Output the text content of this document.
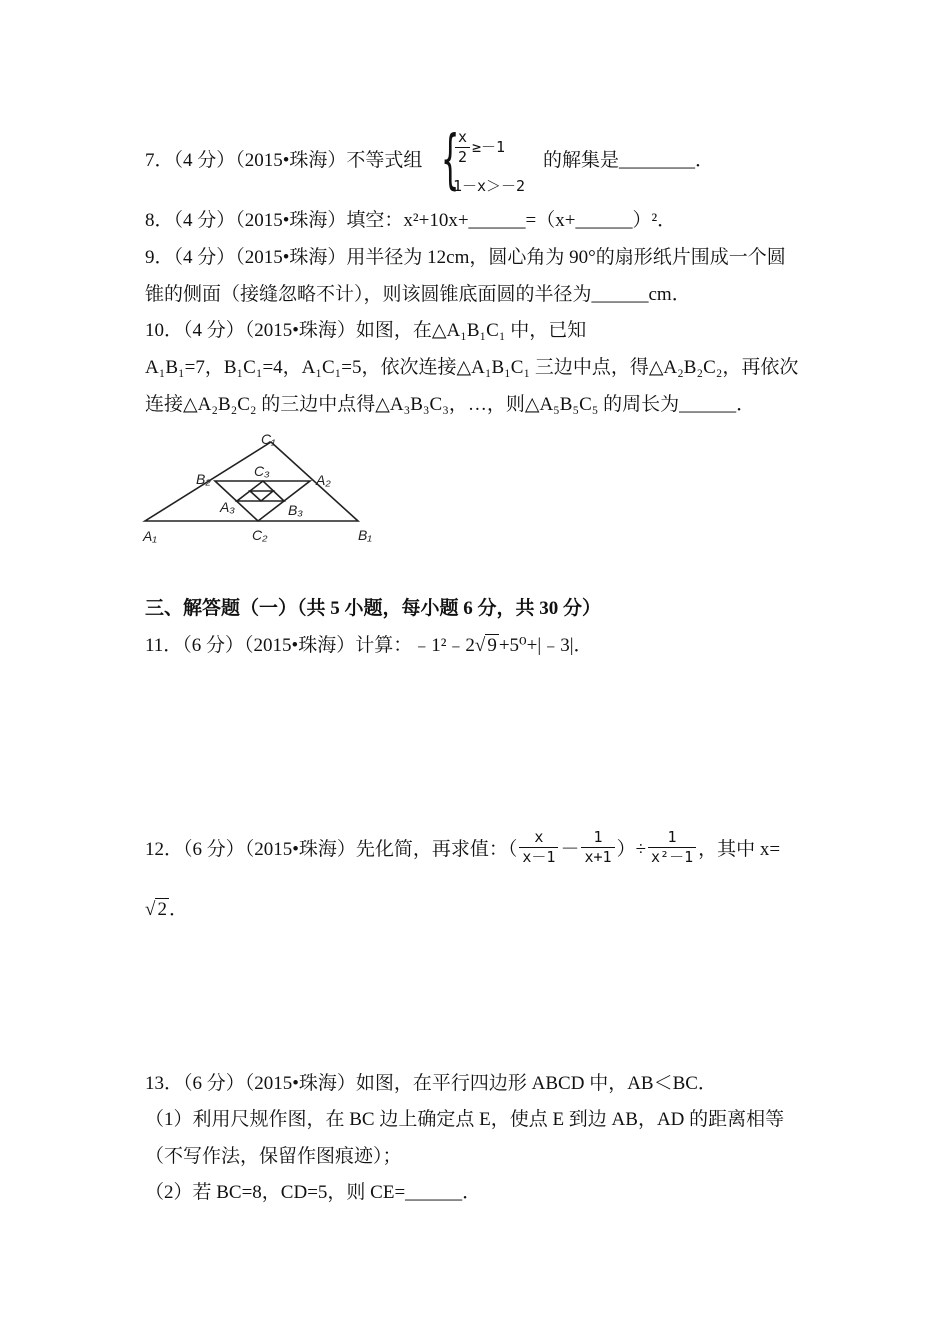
7．（4 分）（2015•珠海）不等式组 {
$\frac{x}{2} \ge-1$
1－x＞－2
的解集是________．
8．（4 分）（2015•珠海）填空：x²+10x+______=（x+______）²．
9．（4 分）（2015•珠海）用半径为 12cm，圆心角为 90°的扇形纸片围成一个圆
锥的侧面（接缝忽略不计），则该圆锥底面圆的半径为______cm．
10．（4 分）（2015•珠海）如图，在△A₁B₁C₁ 中，已知
A₁B₁=7，B₁C₁=4，A₁C₁=5，依次连接△A₁B₁C₁ 三边中点，得△A₂B₂C₂，再依次
连接△A₂B₂C₂ 的三边中点得△A₃B₃C₃，…，则△A₅B₅C₅ 的周长为______．
C₁
B₂	C₃
A₂
A₃	B₃
A₁	C₂	B₁
三、解答题（一）（共 5 小题，每小题 6 分，共 30 分）
11．（6 分）（2015•珠海）计算：﹣1²﹣2√ 9 +5⁰+|﹣3|．
12．（6 分）（2015•珠海）先化简，再求值：（ $\frac{x}{x-1} - \frac{1}{x+1}$ ）÷ $\frac{1}{\text{x²－1}}$ ，其中 x=
√ 2 ．
13．（6 分）（2015•珠海）如图，在平行四边形 ABCD 中，AB＜BC．
（1）利用尺规作图，在 BC 边上确定点 E，使点 E 到边 AB，AD 的距离相等
（不写作法，保留作图痕迹）；
（2）若 BC=8，CD=5，则 CE=______．
